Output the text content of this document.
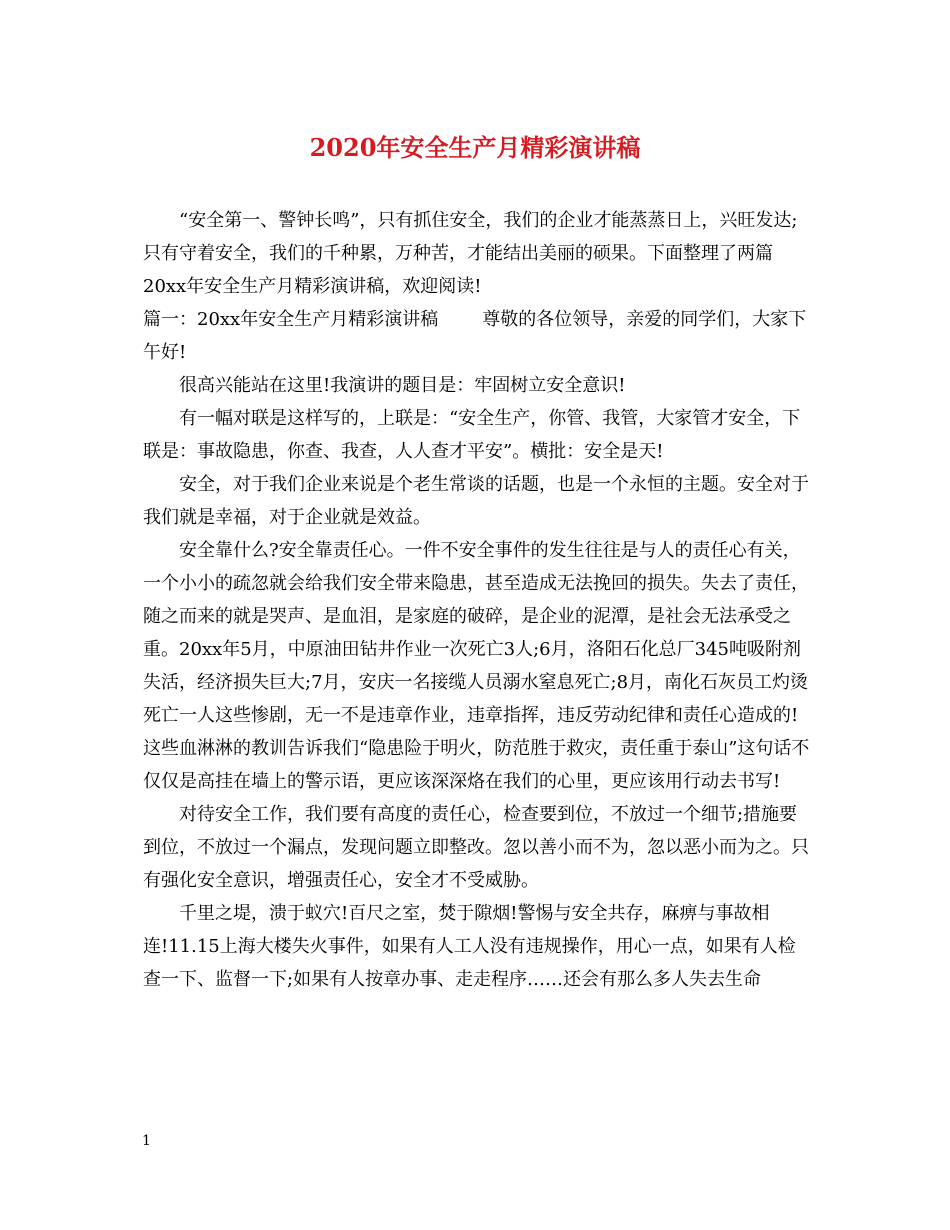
2020年安全生产月精彩演讲稿

“安全第一、警钟长鸣”，只有抓住安全，我们的企业才能蒸蒸日上，兴旺发达;只有守着安全，我们的千种累，万种苦，才能结出美丽的硕果。下面整理了两篇20xx年安全生产月精彩演讲稿，欢迎阅读!

篇一：20xx年安全生产月精彩演讲稿 尊敬的各位领导，亲爱的同学们，大家下午好!

很高兴能站在这里!我演讲的题目是：牢固树立安全意识!

有一幅对联是这样写的，上联是：“安全生产，你管、我管，大家管才安全，下联是：事故隐患，你查、我查，人人查才平安”。横批：安全是天!

安全，对于我们企业来说是个老生常谈的话题，也是一个永恒的主题。安全对于我们就是幸福，对于企业就是效益。

安全靠什么?安全靠责任心。一件不安全事件的发生往往是与人的责任心有关，一个小小的疏忽就会给我们安全带来隐患，甚至造成无法挽回的损失。失去了责任，随之而来的就是哭声、是血泪，是家庭的破碎，是企业的泥潭，是社会无法承受之重。20xx年5月，中原油田钻井作业一次死亡3人;6月，洛阳石化总厂345吨吸附剂失活，经济损失巨大;7月，安庆一名接缆人员溺水窒息死亡;8月，南化石灰员工灼烫死亡一人这些惨剧，无一不是违章作业，违章指挥，违反劳动纪律和责任心造成的!这些血淋淋的教训告诉我们“隐患险于明火，防范胜于救灾，责任重于泰山”这句话不仅仅是高挂在墙上的警示语，更应该深深烙在我们的心里，更应该用行动去书写!

对待安全工作，我们要有高度的责任心，检查要到位，不放过一个细节;措施要到位，不放过一个漏点，发现问题立即整改。忽以善小而不为，忽以恶小而为之。只有强化安全意识，增强责任心，安全才不受威胁。

千里之堤，溃于蚁穴!百尺之室，焚于隙烟!警惕与安全共存，麻痹与事故相连!11.15上海大楼失火事件，如果有人工人没有违规操作，用心一点，如果有人检查一下、监督一下;如果有人按章办事、走走程序……还会有那么多人失去生命

1
